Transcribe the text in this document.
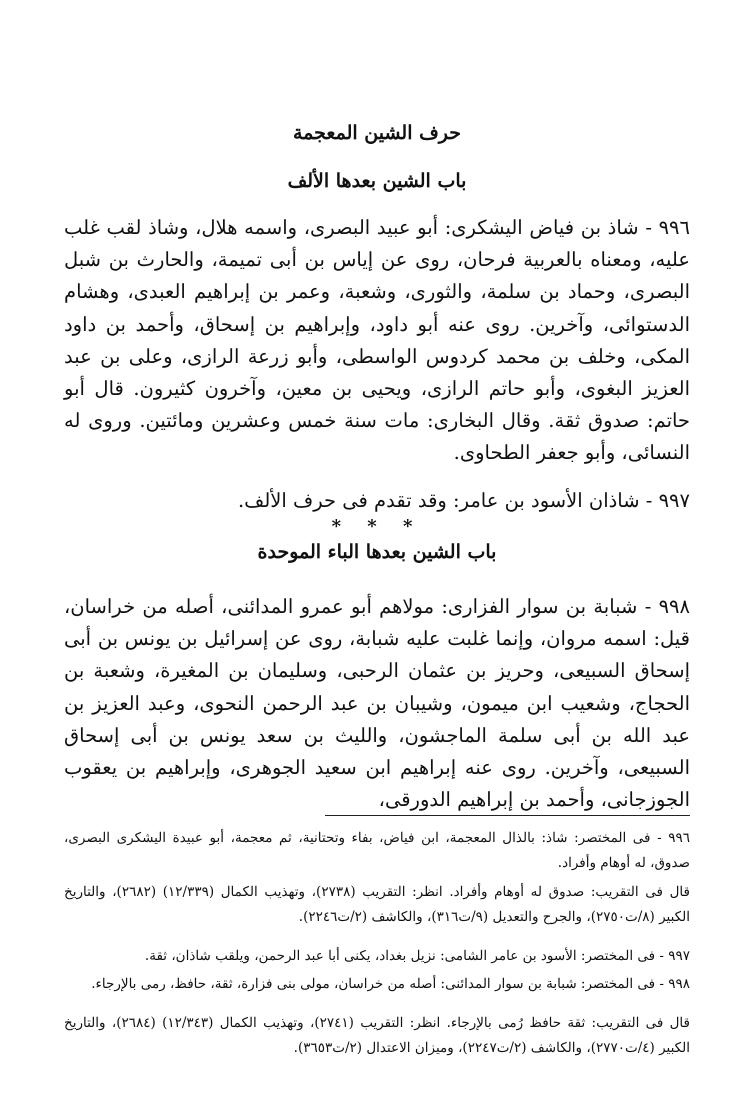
حرف الشين المعجمة
باب الشين بعدها الألف

٩٩٦ - شاذ بن فياض اليشكرى: أبو عبيد البصرى، واسمه هلال، وشاذ لقب غلب عليه، ومعناه بالعربية فرحان، روى عن إياس بن أبى تميمة، والحارث بن شبل البصرى، وحماد بن سلمة، والثورى، وشعبة، وعمر بن إبراهيم العبدى، وهشام الدستوائى، وآخرين. روى عنه أبو داود، وإبراهيم بن إسحاق، وأحمد بن داود المكى، وخلف بن محمد كردوس الواسطى، وأبو زرعة الرازى، وعلى بن عبد العزيز البغوى، وأبو حاتم الرازى، ويحيى بن معين، وآخرون كثيرون. قال أبو حاتم: صدوق ثقة. وقال البخارى: مات سنة خمس وعشرين ومائتين. وروى له النسائى، وأبو جعفر الطحاوى.

٩٩٧ - شاذان الأسود بن عامر: وقد تقدم فى حرف الألف.

* * *
باب الشين بعدها الباء الموحدة

٩٩٨ - شبابة بن سوار الفزارى: مولاهم أبو عمرو المدائنى، أصله من خراسان، قيل: اسمه مروان، وإنما غلبت عليه شبابة، روى عن إسرائيل بن يونس بن أبى إسحاق السبيعى، وحريز بن عثمان الرحبى، وسليمان بن المغيرة، وشعبة بن الحجاج، وشعيب ابن ميمون، وشيبان بن عبد الرحمن النحوى، وعبد العزيز بن عبد الله بن أبى سلمة الماجشون، والليث بن سعد يونس بن أبى إسحاق السبيعى، وآخرين. روى عنه إبراهيم ابن سعيد الجوهرى، وإبراهيم بن يعقوب الجوزجانى، وأحمد بن إبراهيم الدورقى،

٩٩٦ - فى المختصر: شاذ: بالذال المعجمة، ابن فياض، بفاء وتحتانية، ثم معجمة، أبو عبيدة اليشكرى البصرى، صدوق، له أوهام وأفراد.

قال فى التقريب: صدوق له أوهام وأفراد. انظر: التقريب (٢٧٣٨)، وتهذيب الكمال (١٢/٣٣٩) (٢٦٨٢)، والتاريخ الكبير (٨/ت٢٧٥٠)، والجرح والتعديل (٩/ت٣١٦)، والكاشف (٢/ت٢٢٤٦).

٩٩٧ - فى المختصر: الأسود بن عامر الشامى: نزيل بغداد، يكنى أبا عبد الرحمن، ويلقب شاذان، ثقة.

٩٩٨ - فى المختصر: شبابة بن سوار المدائنى: أصله من خراسان، مولى بنى فزارة، ثقة، حافظ، رمى بالإرجاء.

قال فى التقريب: ثقة حافظ رُمى بالإرجاء. انظر: التقريب (٢٧٤١)، وتهذيب الكمال (١٢/٣٤٣) (٢٦٨٤)، والتاريخ الكبير (٤/ت٢٧٧٠)، والكاشف (٢/ت٢٢٤٧)، وميزان الاعتدال (٢/ت٣٦٥٣).
